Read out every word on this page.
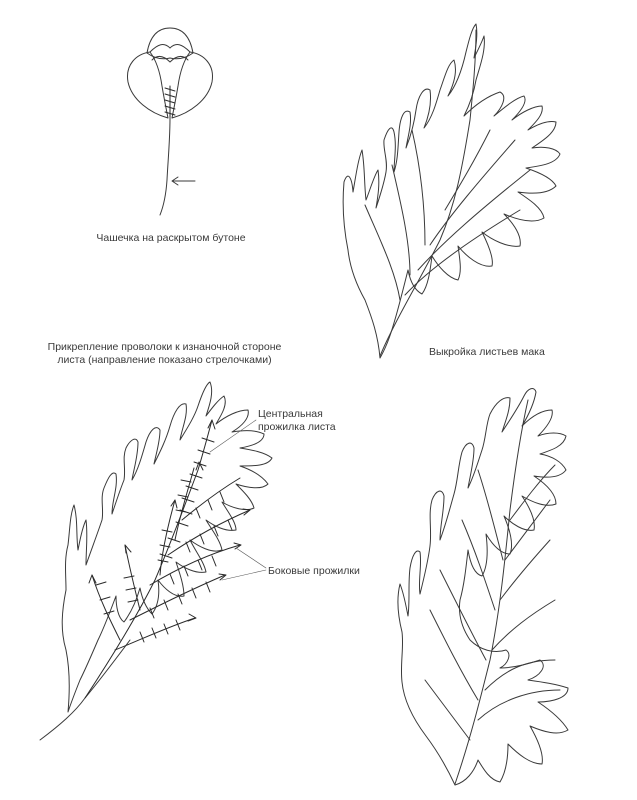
Чашечка на раскрытом бутоне
Прикрепление проволоки к изнаночной стороне
листа (направление показано стрелочками)
Выкройка листьев мака
Центральная
прожилка листа
Боковые прожилки
